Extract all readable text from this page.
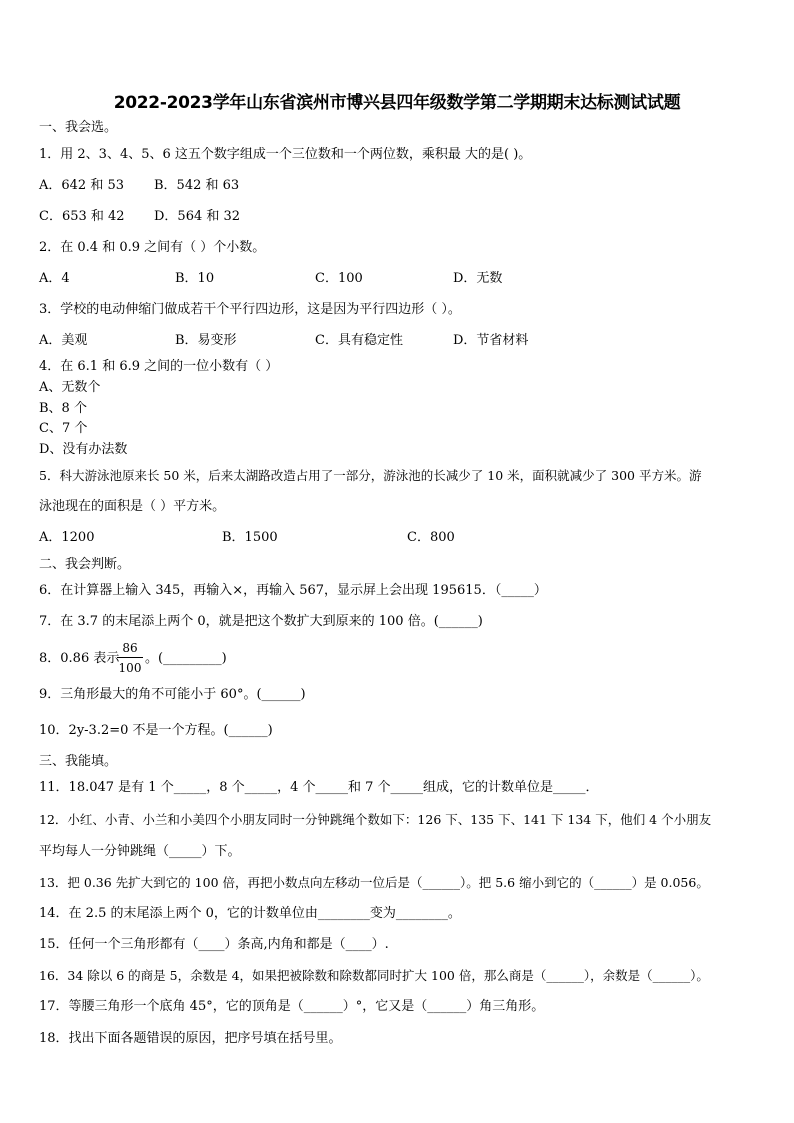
2022-2023学年山东省滨州市博兴县四年级数学第二学期期末达标测试试题
一、我会选。
1．用 2、3、4、5、6 这五个数字组成一个三位数和一个两位数，乘积最 大的是( )。
A．642 和 53 B．542 和 63
C．653 和 42 D．564 和 32
2．在 0.4 和 0.9 之间有（ ）个小数。
A．4	B．10	C．100	D．无数
3．学校的电动伸缩门做成若干个平行四边形，这是因为平行四边形（ ）。
A．美观	B．易变形	C．具有稳定性	D．节省材料
4．在 6.1 和 6.9 之间的一位小数有（ ）
A、无数个
B、8 个
C、7 个
D、没有办法数
5．科大游泳池原来长 50 米，后来太湖路改造占用了一部分，游泳池的长减少了 10 米，面积就减少了 300 平方米。游
泳池现在的面积是（ ）平方米。
A．1200	B．1500	C．800
二、我会判断。
6．在计算器上输入 345，再输入×，再输入 567，显示屏上会出现 195615．（_____）
7．在 3.7 的末尾添上两个 0，就是把这个数扩大到原来的 100 倍。(______)
8．0.86 表示
86
100
。(_________)
9．三角形最大的角不可能小于 60°。(______)
10．2y-3.2=0 不是一个方程。(______)
三、我能填。
11．18.047 是有 1 个_____，8 个_____，4 个_____和 7 个_____组成，它的计数单位是_____．
12．小红、小青、小兰和小美四个小朋友同时一分钟跳绳个数如下：126 下、135 下、141 下 134 下，他们 4 个小朋友
平均每人一分钟跳绳（_____）下。
13．把 0.36 先扩大到它的 100 倍，再把小数点向左移动一位后是（______）。把 5.6 缩小到它的（______）是 0.056。
14．在 2.5 的末尾添上两个 0，它的计数单位由________变为________。
15．任何一个三角形都有（____）条高,内角和都是（____）.
16．34 除以 6 的商是 5，余数是 4，如果把被除数和除数都同时扩大 100 倍，那么商是（______），余数是（______）。
17．等腰三角形一个底角 45°，它的顶角是（______）°，它又是（______）角三角形。
18．找出下面各题错误的原因，把序号填在括号里。
